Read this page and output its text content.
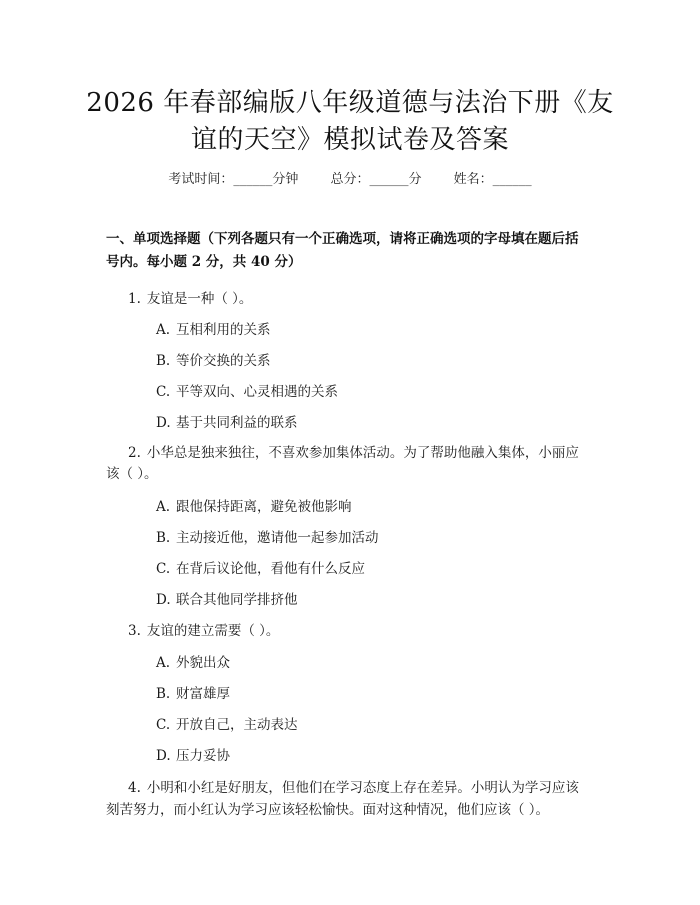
2026 年春部编版八年级道德与法治下册《友
谊的天空》模拟试卷及答案
考试时间：______分钟 总分：______分 姓名：______
一、单项选择题（下列各题只有一个正确选项，请将正确选项的字母填在题后括
号内。每小题 2 分，共 40 分）
1. 友谊是一种（ ）。
A. 互相利用的关系
B. 等价交换的关系
C. 平等双向、心灵相遇的关系
D. 基于共同利益的联系
2. 小华总是独来独往，不喜欢参加集体活动。为了帮助他融入集体，小丽应
该（ ）。
A. 跟他保持距离，避免被他影响
B. 主动接近他，邀请他一起参加活动
C. 在背后议论他，看他有什么反应
D. 联合其他同学排挤他
3. 友谊的建立需要（ ）。
A. 外貌出众
B. 财富雄厚
C. 开放自己，主动表达
D. 压力妥协
4. 小明和小红是好朋友，但他们在学习态度上存在差异。小明认为学习应该
刻苦努力，而小红认为学习应该轻松愉快。面对这种情况，他们应该（ ）。
